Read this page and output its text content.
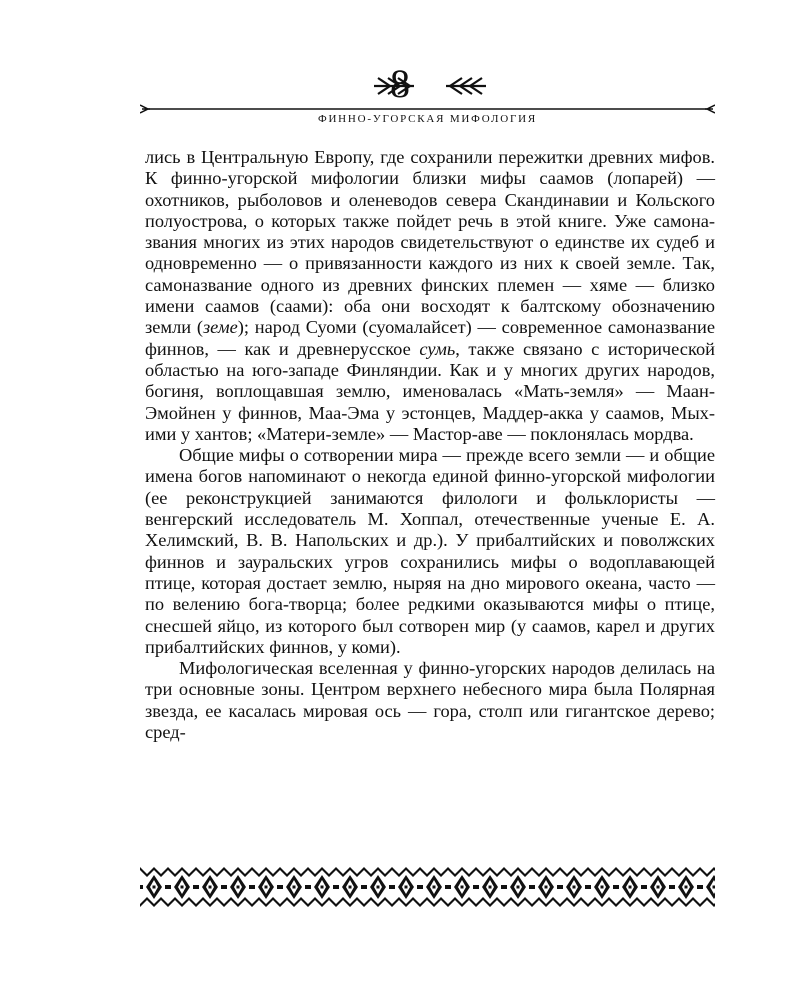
8
ФИННО-УГОРСКАЯ МИФОЛОГИЯ

лись в Центральную Европу, где сохранили пережитки древних мифов. К финно-угорской мифологии близки мифы саамов (лопарей) — охотников, рыболовов и оленеводов севера Скандинавии и Кольского полуострова, о которых также пойдет речь в этой книге. Уже самоназвания многих из этих народов свидетельствуют о единстве их судеб и одновременно — о привязанности каждого из них к своей земле. Так, самоназвание одного из древних финских племен — хяме — близко имени саамов (саами): оба они восходят к балтскому обозначению земли (земе); народ Суоми (суомалайсет) — современное самоназвание финнов, — как и древнерусское сумь, также связано с исторической областью на юго-западе Финляндии. Как и у многих других народов, богиня, воплощавшая землю, именовалась «Мать-земля» — Маан-Эмойнен у финнов, Маа-Эма у эстонцев, Маддер-акка у саамов, Мых-ими у хантов; «Матери-земле» — Мастор-аве — поклонялась мордва.

Общие мифы о сотворении мира — прежде всего земли — и общие имена богов напоминают о некогда единой финно-угорской мифологии (ее реконструкцией занимаются филологи и фольклористы — венгерский исследователь М. Хоппал, отечественные ученые Е. А. Хелимский, В. В. Напольских и др.). У прибалтийских и поволжских финнов и зауральских угров сохранились мифы о водоплавающей птице, которая достает землю, ныряя на дно мирового океана, часто — по велению бога-творца; более редкими оказываются мифы о птице, снесшей яйцо, из которого был сотворен мир (у саамов, карел и других прибалтийских финнов, у коми).

Мифологическая вселенная у финно-угорских народов делилась на три основные зоны. Центром верхнего небесного мира была Полярная звезда, ее касалась мировая ось — гора, столп или гигантское дерево; сред-
